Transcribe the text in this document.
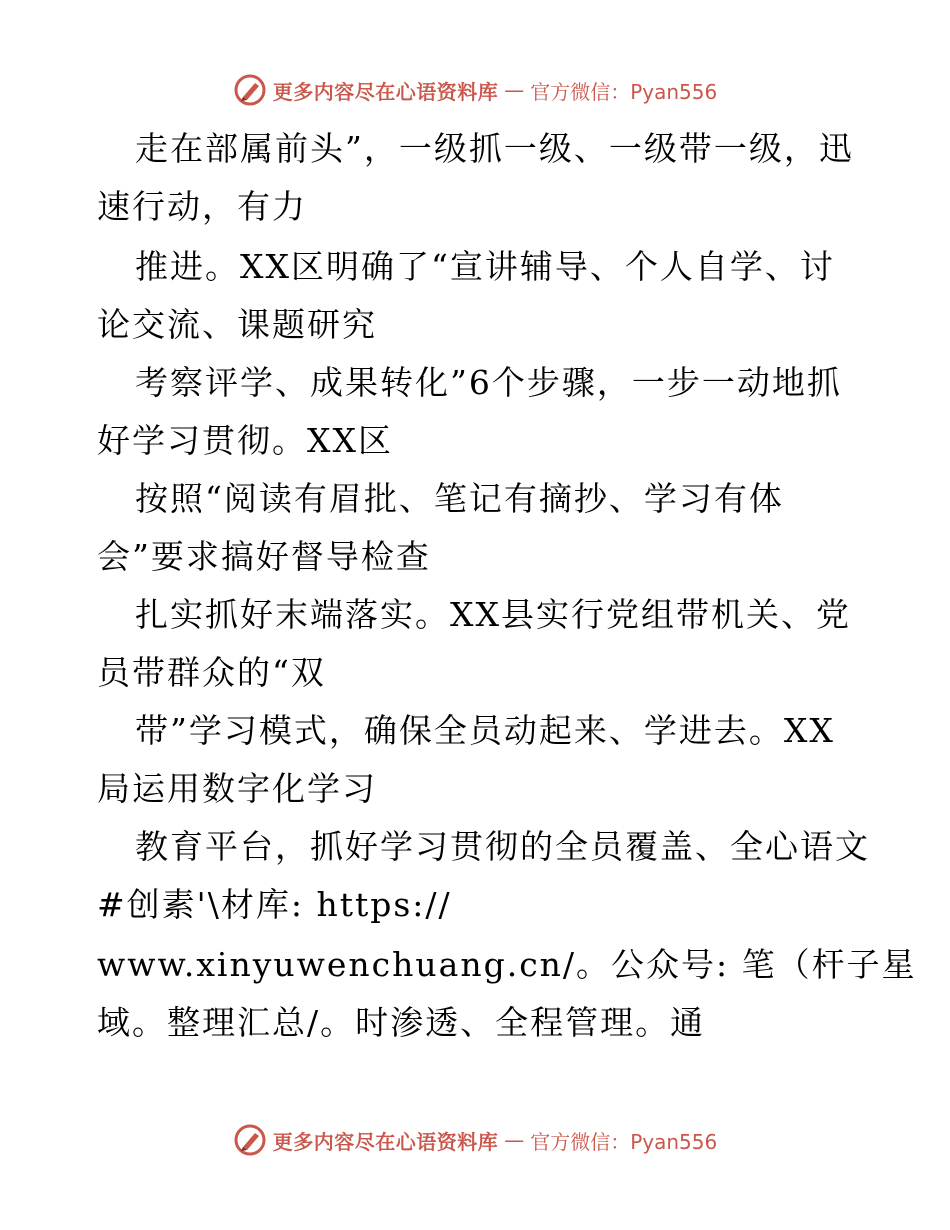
更多内容尽在心语资料库 — 官方微信：Pyan556
走在部属前头”，一级抓一级、一级带一级，迅
速行动，有力
推进。XX区明确了“宣讲辅导、个人自学、讨
论交流、课题研究
考察评学、成果转化”6个步骤，一步一动地抓
好学习贯彻。XX区
按照“阅读有眉批、笔记有摘抄、学习有体
会”要求搞好督导检查
扎实抓好末端落实。XX县实行党组带机关、党
员带群众的“双
带”学习模式，确保全员动起来、学进去。XX
局运用数字化学习
教育平台，抓好学习贯彻的全员覆盖、全心语文
#创素'\材库: https://
www.xinyuwenchuang.cn/。公众号: 笔（杆子星
域。整理汇总/。时渗透、全程管理。通
更多内容尽在心语资料库 — 官方微信：Pyan556
